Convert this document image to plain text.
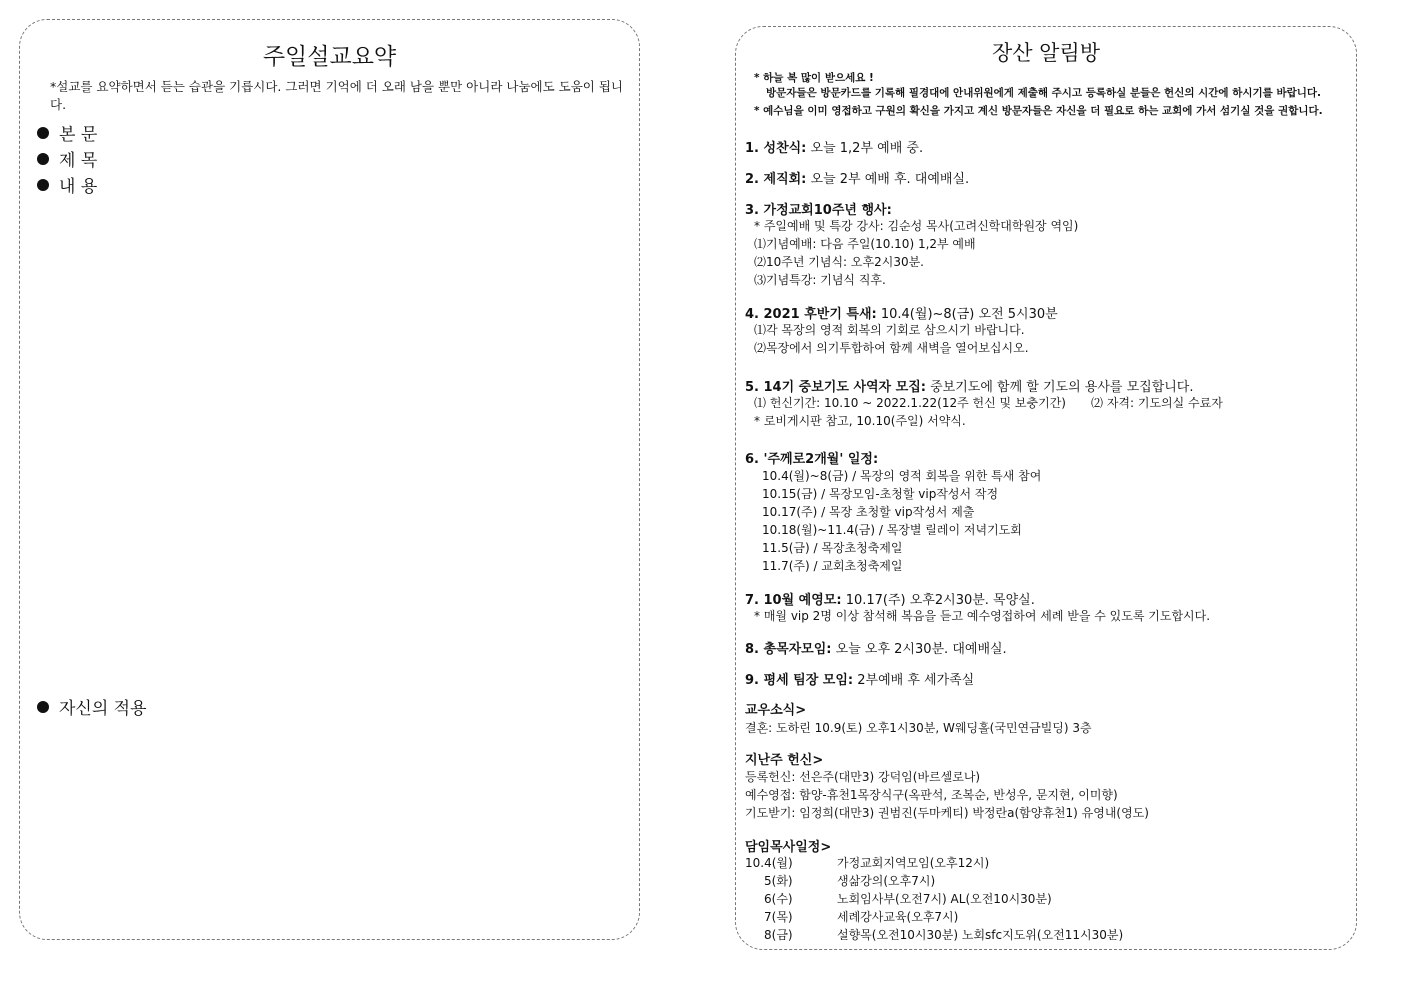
주일설교요약
*설교를 요약하면서 듣는 습관을 기릅시다. 그러면 기억에 더 오래 남을 뿐만 아니라 나눔에도 도움이 됩니다.
본 문
제 목
내 용
자신의 적용
장산 알림방
* 하늘 복 많이 받으세요 !
방문자들은 방문카드를 기록해 필경대에 안내위원에게 제출해 주시고 등록하실 분들은 헌신의 시간에 하시기를 바랍니다.
* 예수님을 이미 영접하고 구원의 확신을 가지고 계신 방문자들은 자신을 더 필요로 하는 교회에 가서 섬기실 것을 권합니다.
1. 성찬식: 오늘 1,2부 예배 중.
2. 제직회: 오늘 2부 예배 후. 대예배실.
3. 가정교회10주년 행사:
* 주일예배 및 특강 강사: 김순성 목사(고려신학대학원장 역임)
⑴기념예배: 다음 주일(10.10) 1,2부 예배
⑵10주년 기념식: 오후2시30분.
⑶기념특강: 기념식 직후.
4. 2021 후반기 특새: 10.4(월)~8(금) 오전 5시30분
⑴각 목장의 영적 회복의 기회로 삼으시기 바랍니다.
⑵목장에서 의기투합하여 함께 새벽을 열어보십시오.
5. 14기 중보기도 사역자 모집: 중보기도에 함께 할 기도의 용사를 모집합니다.
⑴ 헌신기간: 10.10 ~ 2022.1.22(12주 헌신 및 보충기간) ⑵ 자격: 기도의실 수료자
* 로비게시판 참고, 10.10(주일) 서약식.
6. '주께로2개월' 일정:
10.4(월)~8(금) / 목장의 영적 회복을 위한 특새 참여
10.15(금) / 목장모임-초청할 vip작성서 작정
10.17(주) / 목장 초청할 vip작성서 제출
10.18(월)~11.4(금) / 목장별 릴레이 저녁기도회
11.5(금) / 목장초청축제일
11.7(주) / 교회초청축제일
7. 10월 예영모: 10.17(주) 오후2시30분. 목양실.
* 매월 vip 2명 이상 참석해 복음을 듣고 예수영접하여 세례 받을 수 있도록 기도합시다.
8. 총목자모임: 오늘 오후 2시30분. 대예배실.
9. 평세 팀장 모임: 2부예배 후 세가족실
교우소식>
결혼: 도하린 10.9(토) 오후1시30분, W웨딩홀(국민연금빌딩) 3층
지난주 헌신>
등록헌신: 선은주(대만3) 강덕임(바르셀로나)
예수영접: 함양-휴천1목장식구(옥판석, 조복순, 반성우, 문지현, 이미향)
기도받기: 임정희(대만3) 권범진(두마케티) 박정란a(함양휴천1) 유영내(영도)
담임목사일정>
10.4(월)	가정교회지역모임(오후12시)
5(화)	생삶강의(오후7시)
6(수)	노회임사부(오전7시) AL(오전10시30분)
7(목)	세례강사교육(오후7시)
8(금)	설향목(오전10시30분) 노회sfc지도위(오전11시30분)
